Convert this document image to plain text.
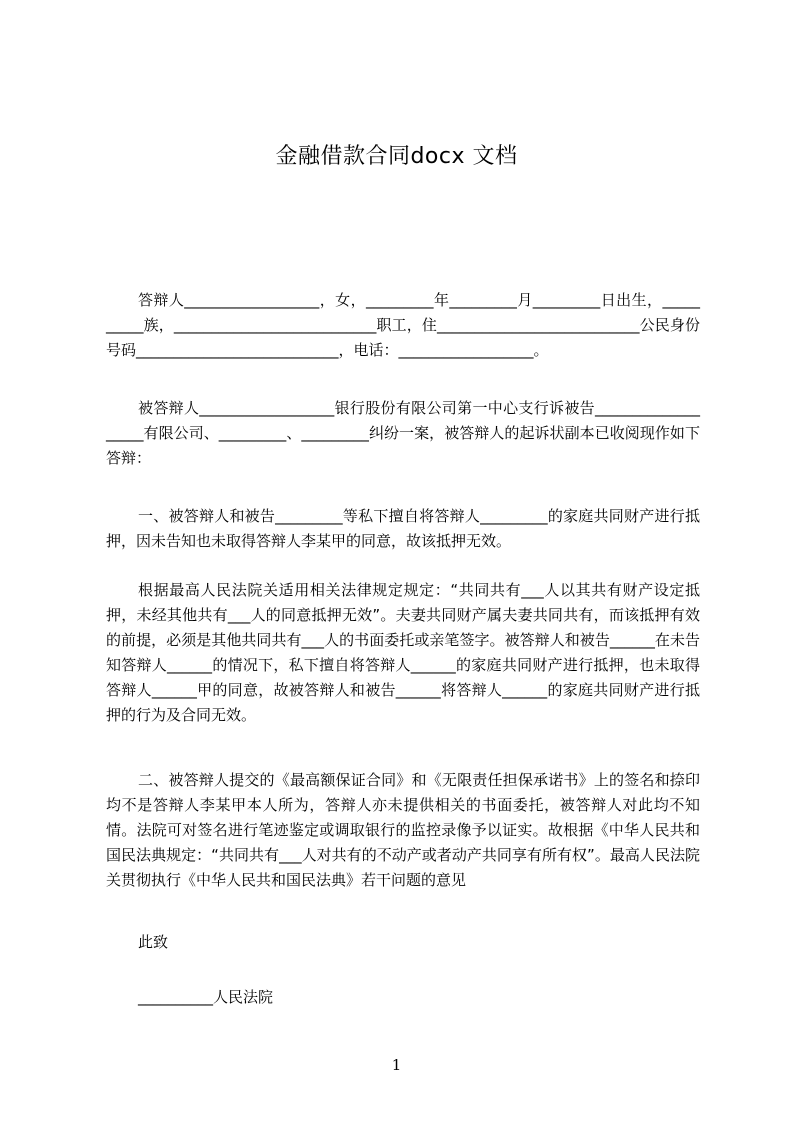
金融借款合同docx 文档

答辩人__________________，女，_________年_________月_________日出生，__________族，___________________________职工，住___________________________公民身份号码___________________________，电话：__________________。

被答辩人__________________银行股份有限公司第一中心支行诉被告___________________有限公司、_________、_________纠纷一案，被答辩人的起诉状副本已收阅现作如下答辩：

一、被答辩人和被告_________等私下擅自将答辩人_________的家庭共同财产进行抵押，因未告知也未取得答辩人李某甲的同意，故该抵押无效。

根据最高人民法院关适用相关法律规定规定：“共同共有___人以其共有财产设定抵押，未经其他共有___人的同意抵押无效”。夫妻共同财产属夫妻共同共有，而该抵押有效的前提，必须是其他共同共有___人的书面委托或亲笔签字。被答辩人和被告______在未告知答辩人______的情况下，私下擅自将答辩人______的家庭共同财产进行抵押，也未取得答辩人______甲的同意，故被答辩人和被告______将答辩人______的家庭共同财产进行抵押的行为及合同无效。

二、被答辩人提交的《最高额保证合同》和《无限责任担保承诺书》上的签名和捺印均不是答辩人李某甲本人所为，答辩人亦未提供相关的书面委托，被答辩人对此均不知情。法院可对签名进行笔迹鉴定或调取银行的监控录像予以证实。故根据《中华人民共和国民法典规定：“共同共有___人对共有的不动产或者动产共同享有所有权”。最高人民法院关贯彻执行《中华人民共和国民法典》若干问题的意见

此致

__________人民法院

1
